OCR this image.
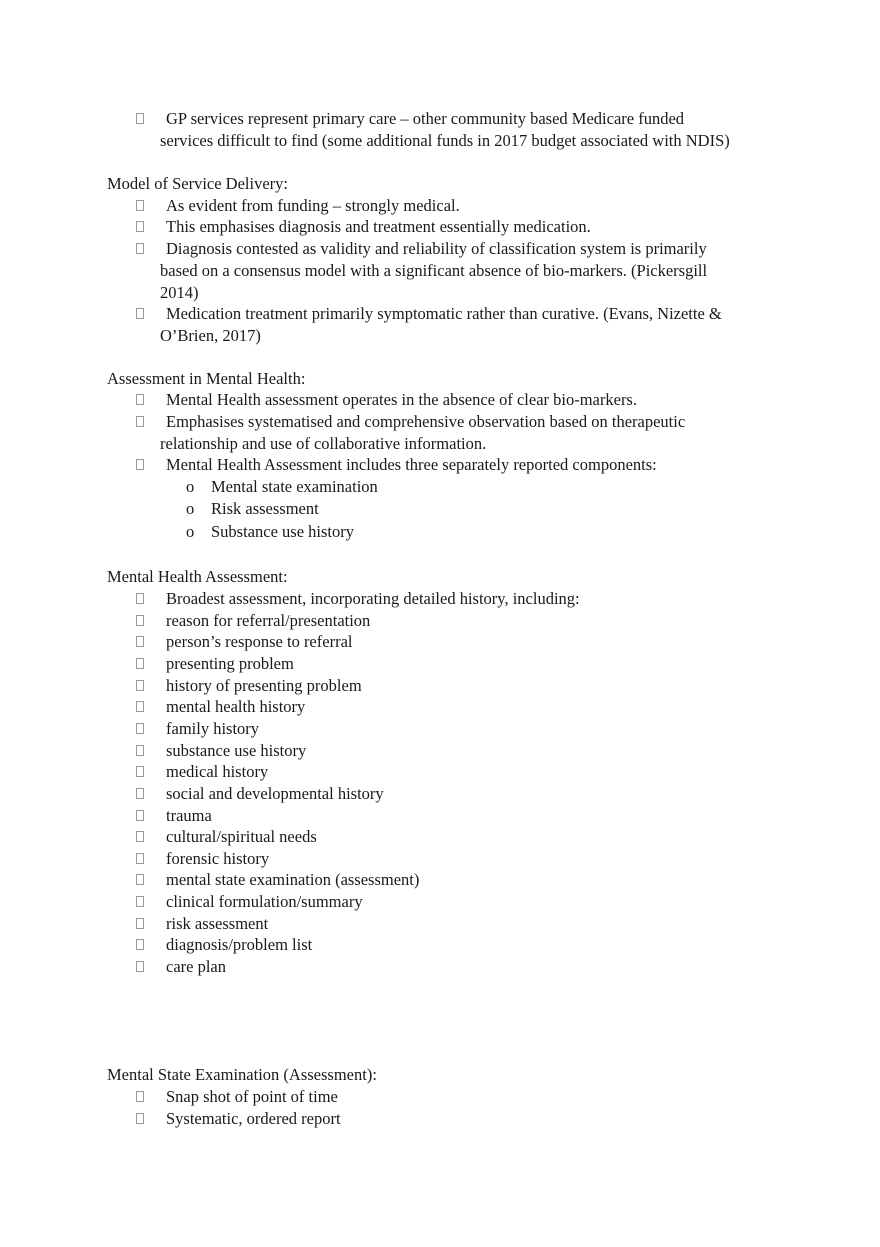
GP services represent primary care – other community based Medicare funded
services difficult to find (some additional funds in 2017 budget associated with NDIS)
Model of Service Delivery:
As evident from funding – strongly medical.
This emphasises diagnosis and treatment essentially medication.
Diagnosis contested as validity and reliability of classification system is primarily
based on a consensus model with a significant absence of bio-markers. (Pickersgill
2014)
Medication treatment primarily symptomatic rather than curative. (Evans, Nizette &
O’Brien, 2017)
Assessment in Mental Health:
Mental Health assessment operates in the absence of clear bio-markers.
Emphasises systematised and comprehensive observation based on therapeutic
relationship and use of collaborative information.
Mental Health Assessment includes three separately reported components:
o Mental state examination
o Risk assessment
o Substance use history
Mental Health Assessment:
Broadest assessment, incorporating detailed history, including:
reason for referral/presentation
person’s response to referral
presenting problem
history of presenting problem
mental health history
family history
substance use history
medical history
social and developmental history
trauma
cultural/spiritual needs
forensic history
mental state examination (assessment)
clinical formulation/summary
risk assessment
diagnosis/problem list
care plan
Mental State Examination (Assessment):
Snap shot of point of time
Systematic, ordered report
